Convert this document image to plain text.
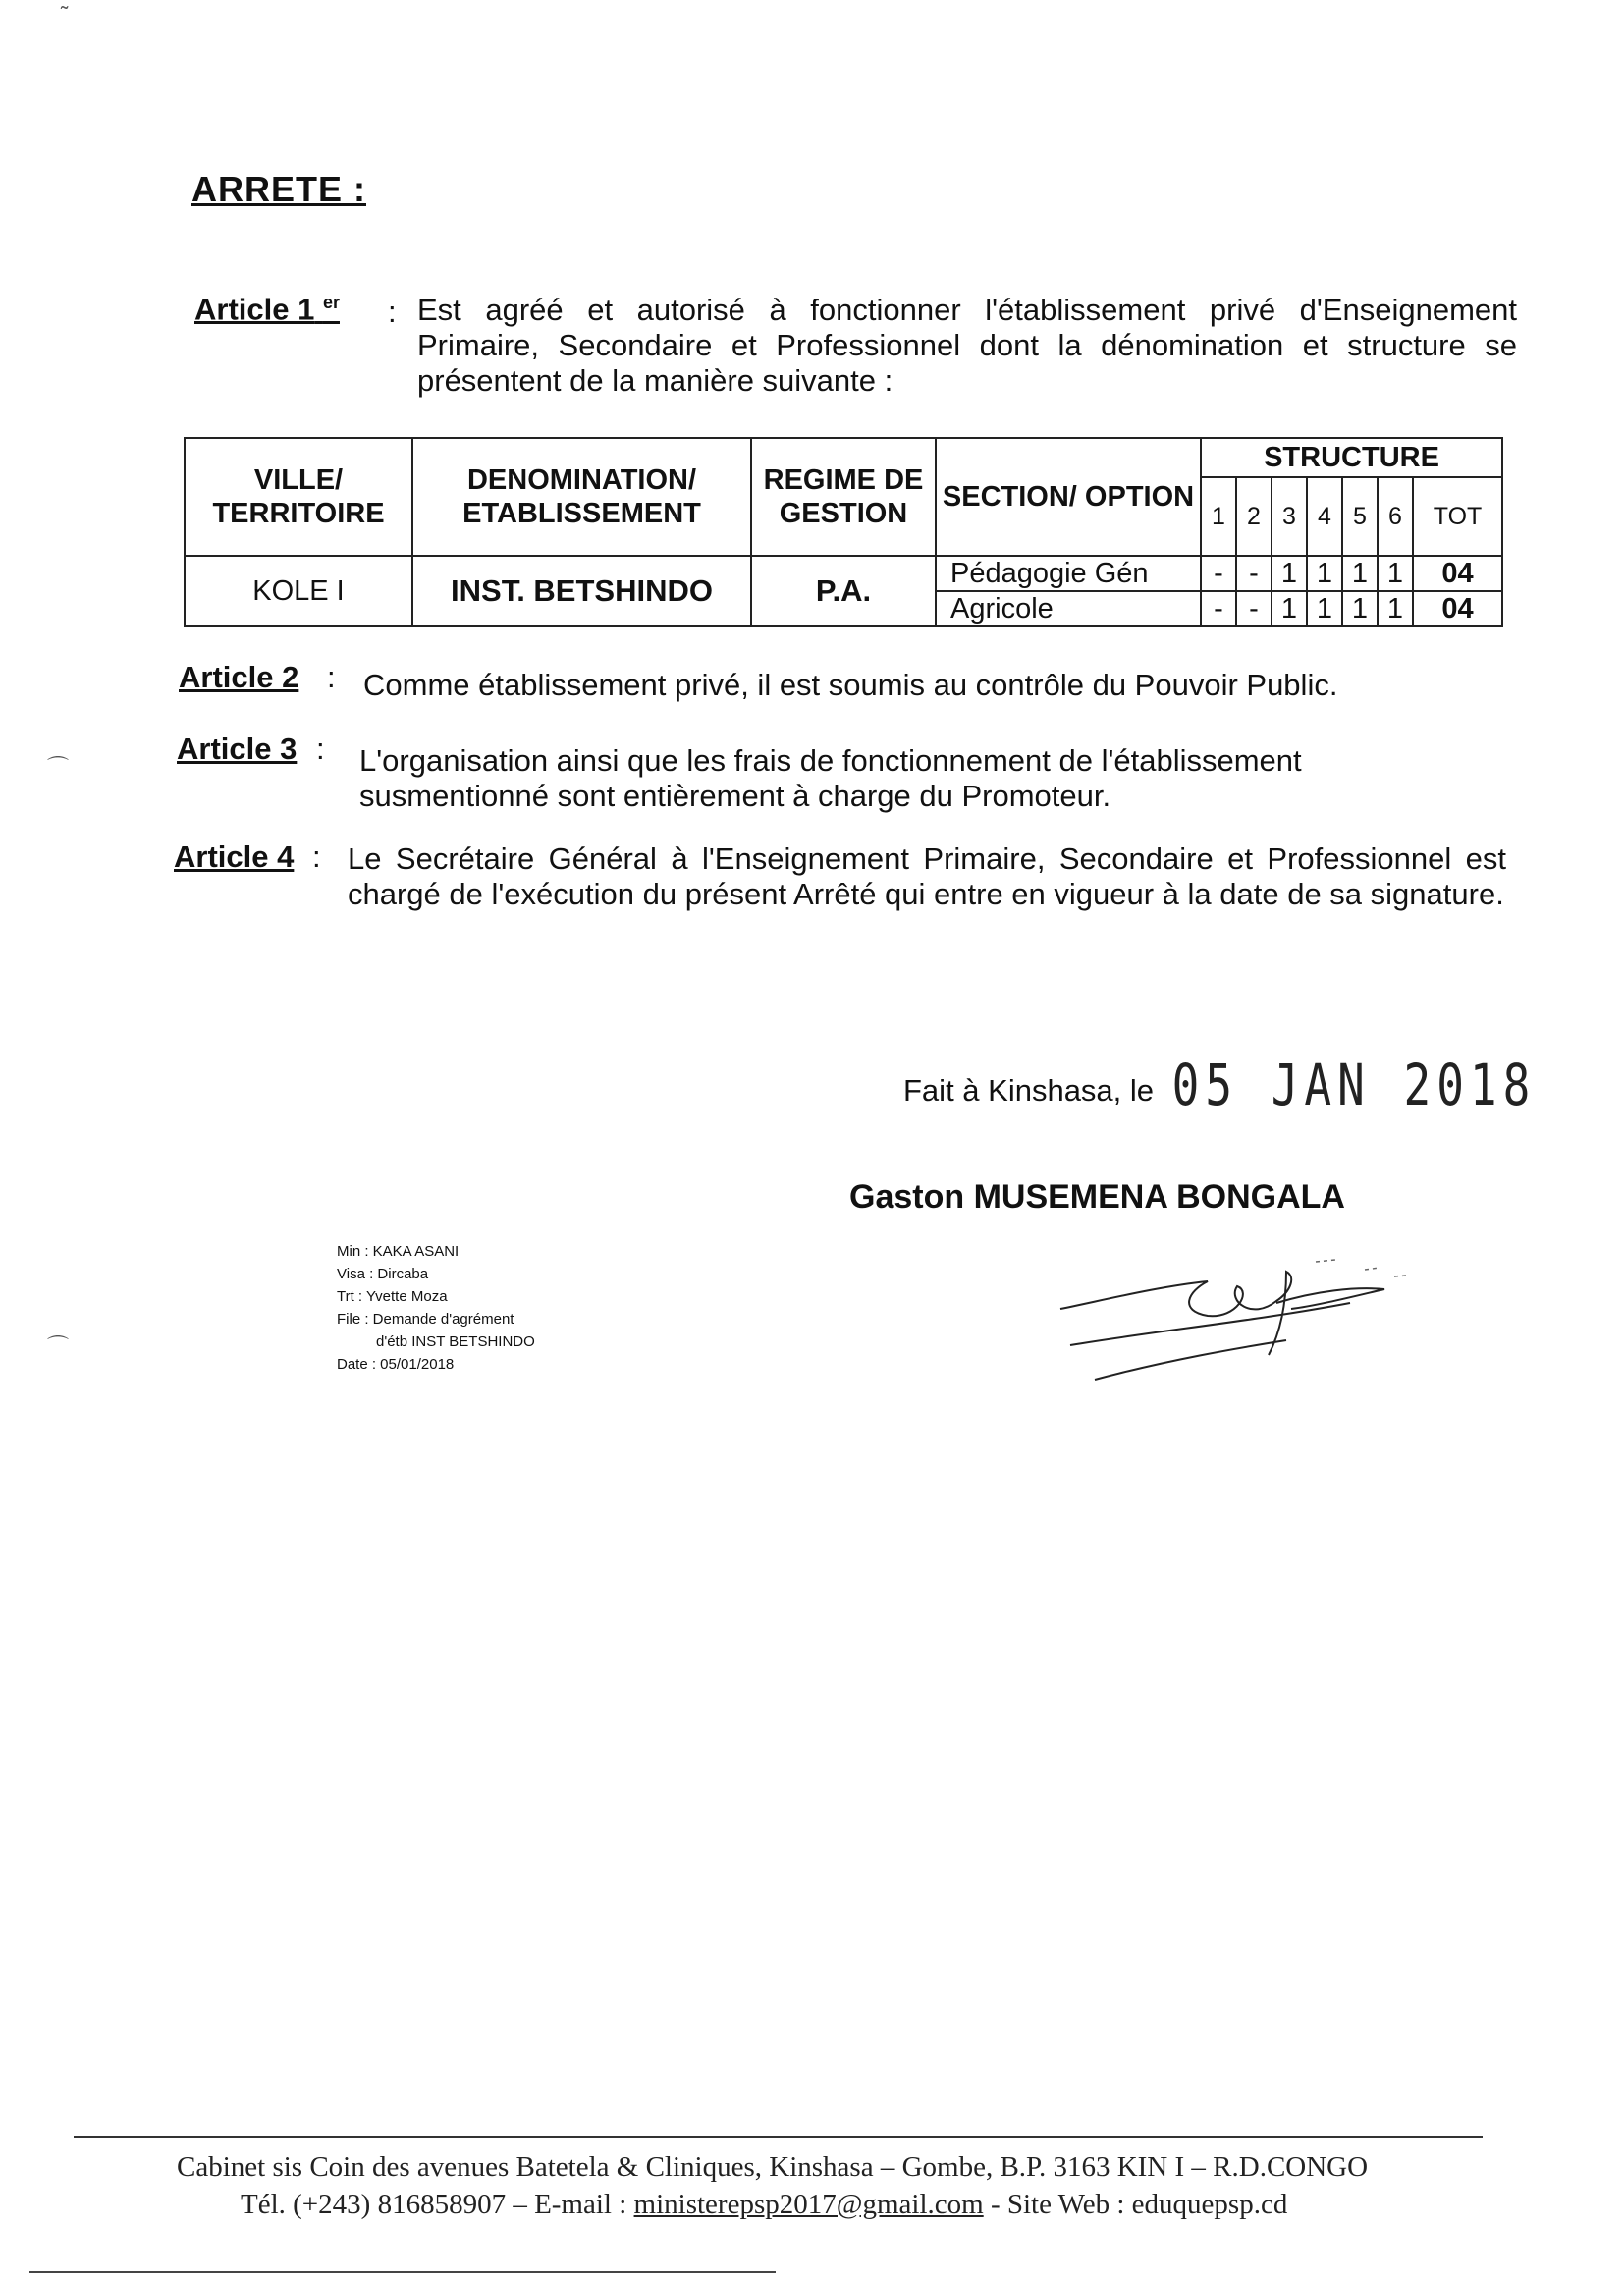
˜
⌒
⌒
ARRETE :
Article 1 $^{er}$ : Est agréé et autorisé à fonctionner l'établissement privé d'Enseignement Primaire, Secondaire et Professionnel dont la dénomination et structure se présentent de la manière suivante :
VILLE/ TERRITOIRE	DENOMINATION/ ETABLISSEMENT	REGIME DE GESTION	SECTION/ OPTION	STRUCTURE						
				1	2	3	4	5	6	TOT
KOLE I	INST. BETSHINDO	P.A.	Pédagogie Gén	-	-	1	1	1	1	04
			Agricole	-	-	1	1	1	1	04
Article 2 : Comme établissement privé, il est soumis au contrôle du Pouvoir Public.
Article 3 : L'organisation ainsi que les frais de fonctionnement de l'établissement susmentionné sont entièrement à charge du Promoteur.
Article 4 : Le Secrétaire Général à l'Enseignement Primaire, Secondaire et Professionnel est chargé de l'exécution du présent Arrêté qui entre en vigueur à la date de sa signature.
Fait à Kinshasa, le 05 JAN 2018
Gaston MUSEMENA BONGALA
Min : KAKA ASANI
Visa : Dircaba
Trt : Yvette Moza
File : Demande d'agrément
d'étb INST BETSHINDO
Date : 05/01/2018
Cabinet sis Coin des avenues Batetela & Cliniques, Kinshasa – Gombe, B.P. 3163 KIN I – R.D.CONGO
Tél. (+243) 816858907 – E-mail : ministerepsp2017@gmail.com - Site Web : eduquepsp.cd
